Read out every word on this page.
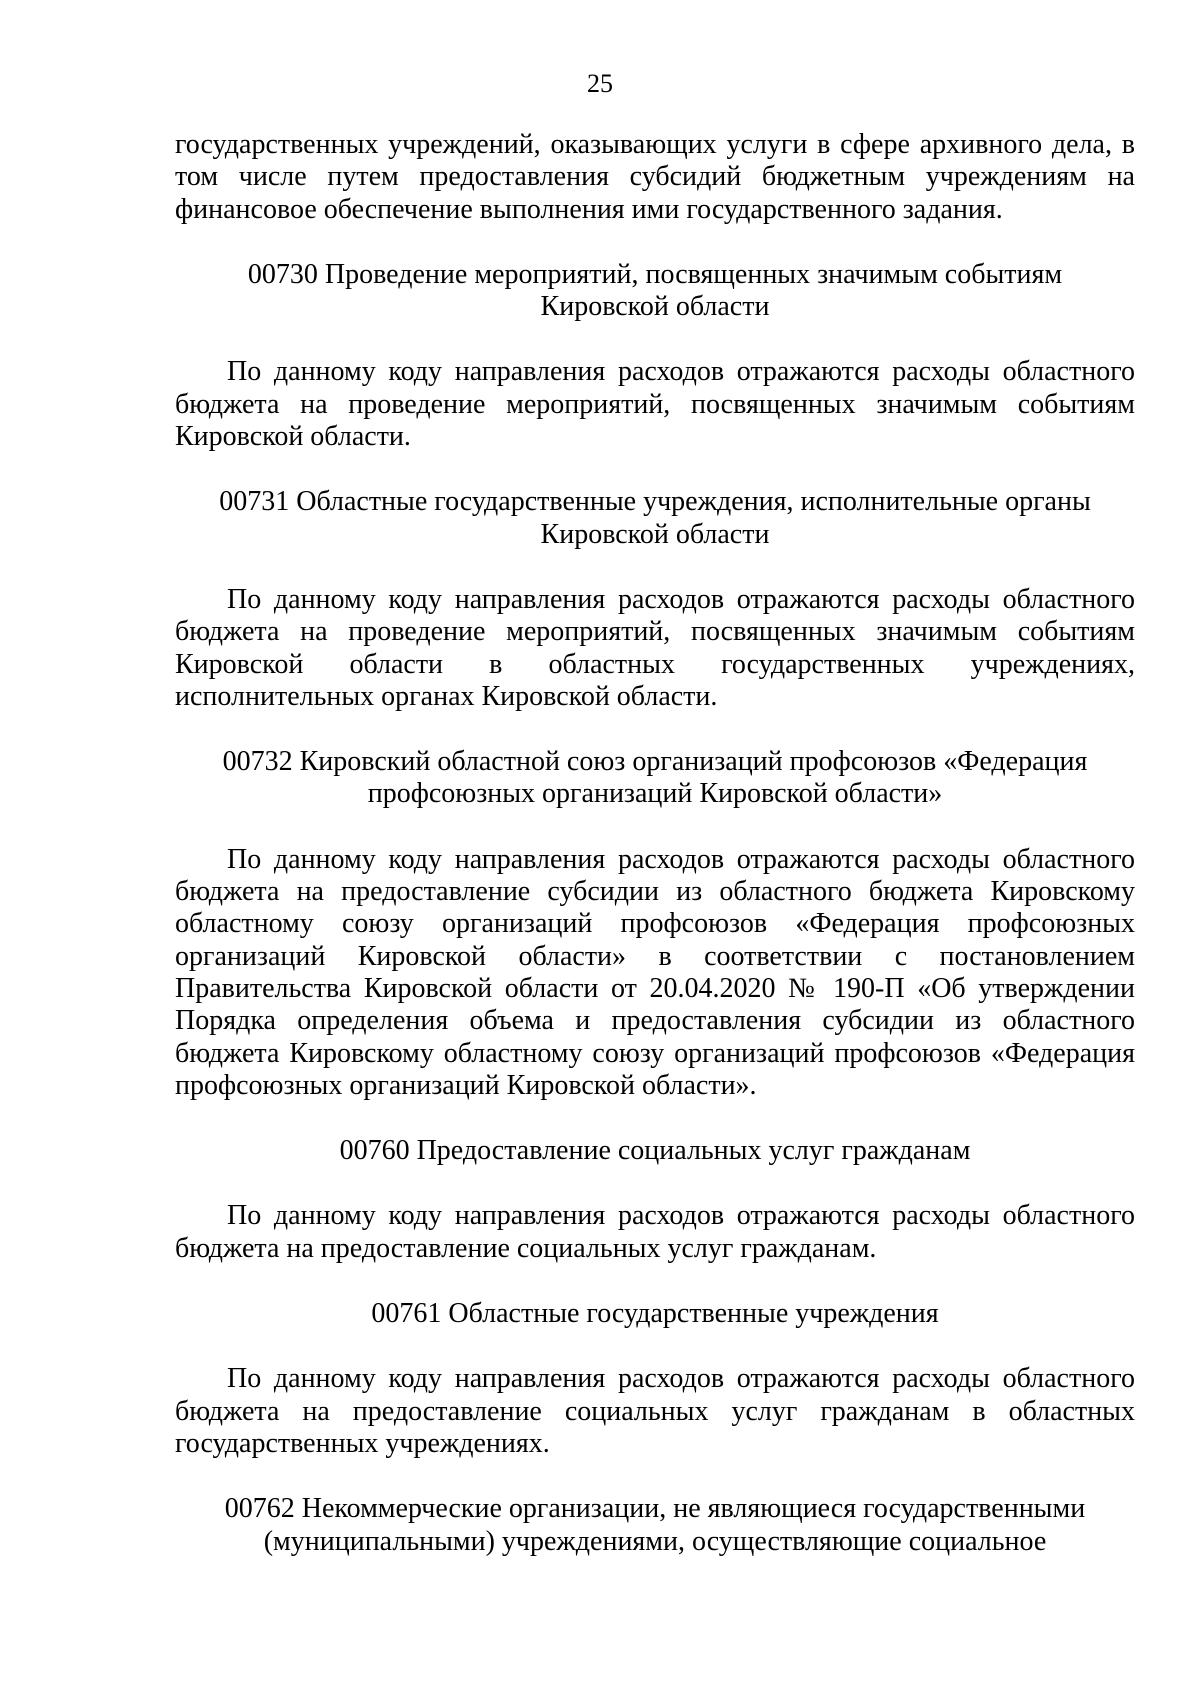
25

государственных учреждений, оказывающих услуги в сфере архивного дела, в том числе путем предоставления субсидий бюджетным учреждениям на финансовое обеспечение выполнения ими государственного задания.

00730 Проведение мероприятий, посвященных значимым событиям Кировской области

По данному коду направления расходов отражаются расходы областного бюджета на проведение мероприятий, посвященных значимым событиям Кировской области.

00731 Областные государственные учреждения, исполнительные органы Кировской области

По данному коду направления расходов отражаются расходы областного бюджета на проведение мероприятий, посвященных значимым событиям Кировской области в областных государственных учреждениях, исполнительных органах Кировской области.

00732 Кировский областной союз организаций профсоюзов «Федерация профсоюзных организаций Кировской области»

По данному коду направления расходов отражаются расходы областного бюджета на предоставление субсидии из областного бюджета Кировскому областному союзу организаций профсоюзов «Федерация профсоюзных организаций Кировской области» в соответствии с постановлением Правительства Кировской области от 20.04.2020 № 190-П «Об утверждении Порядка определения объема и предоставления субсидии из областного бюджета Кировскому областному союзу организаций профсоюзов «Федерация профсоюзных организаций Кировской области».

00760 Предоставление социальных услуг гражданам

По данному коду направления расходов отражаются расходы областного бюджета на предоставление социальных услуг гражданам.

00761 Областные государственные учреждения

По данному коду направления расходов отражаются расходы областного бюджета на предоставление социальных услуг гражданам в областных государственных учреждениях.

00762 Некоммерческие организации, не являющиеся государственными (муниципальными) учреждениями, осуществляющие социальное
